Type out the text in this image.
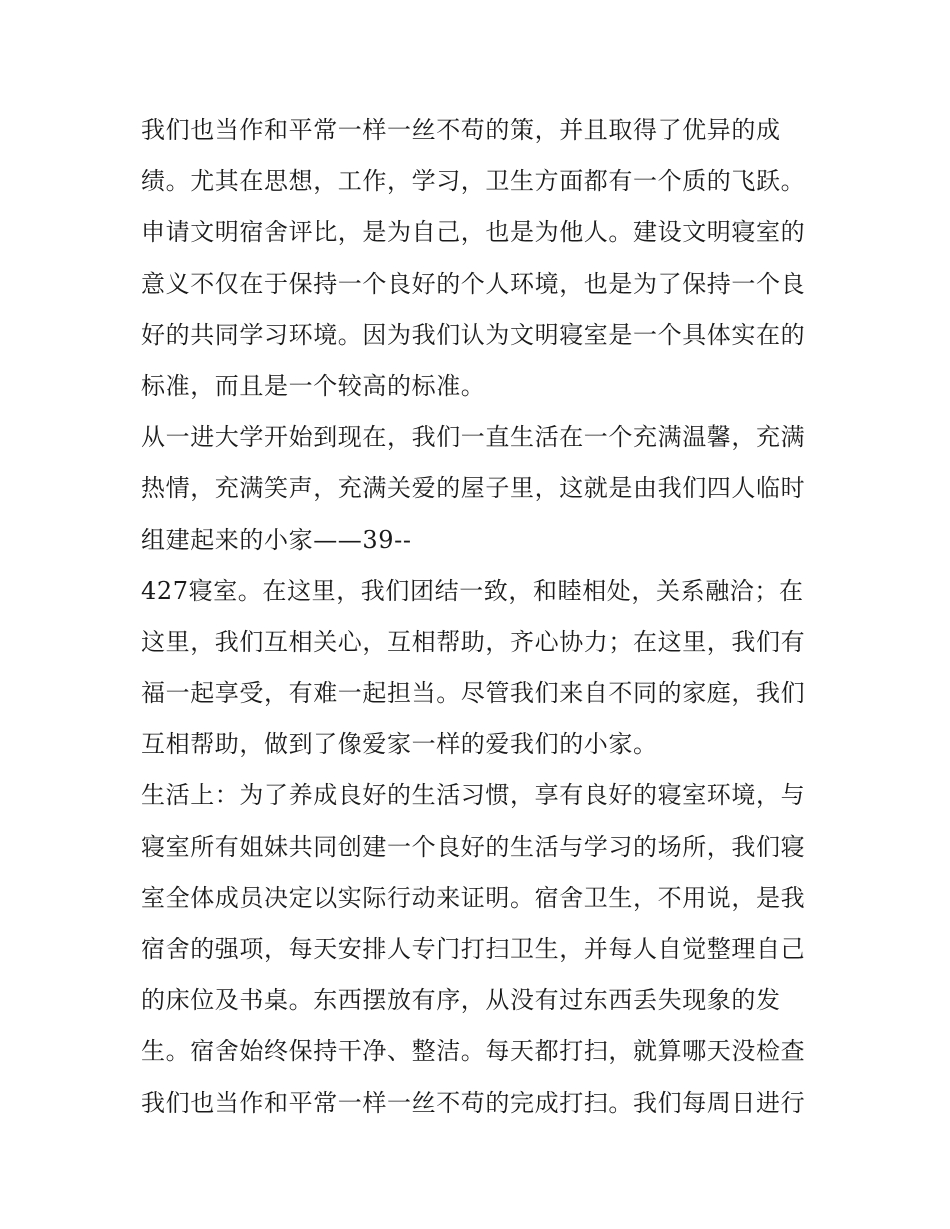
我们也当作和平常一样一丝不苟的策，并且取得了优异的成
绩。尤其在思想，工作，学习，卫生方面都有一个质的飞跃。
申请文明宿舍评比，是为自己，也是为他人。建设文明寝室的
意义不仅在于保持一个良好的个人环境，也是为了保持一个良
好的共同学习环境。因为我们认为文明寝室是一个具体实在的
标准，而且是一个较高的标准。
从一进大学开始到现在，我们一直生活在一个充满温馨，充满
热情，充满笑声，充满关爱的屋子里，这就是由我们四人临时
组建起来的小家——39--
427寝室。在这里，我们团结一致，和睦相处，关系融洽；在
这里，我们互相关心，互相帮助，齐心协力；在这里，我们有
福一起享受，有难一起担当。尽管我们来自不同的家庭，我们
互相帮助，做到了像爱家一样的爱我们的小家。
生活上：为了养成良好的生活习惯，享有良好的寝室环境，与
寝室所有姐妹共同创建一个良好的生活与学习的场所，我们寝
室全体成员决定以实际行动来证明。宿舍卫生，不用说，是我
宿舍的强项，每天安排人专门打扫卫生，并每人自觉整理自己
的床位及书桌。东西摆放有序，从没有过东西丢失现象的发
生。宿舍始终保持干净、整洁。每天都打扫，就算哪天没检查
我们也当作和平常一样一丝不苟的完成打扫。我们每周日进行
